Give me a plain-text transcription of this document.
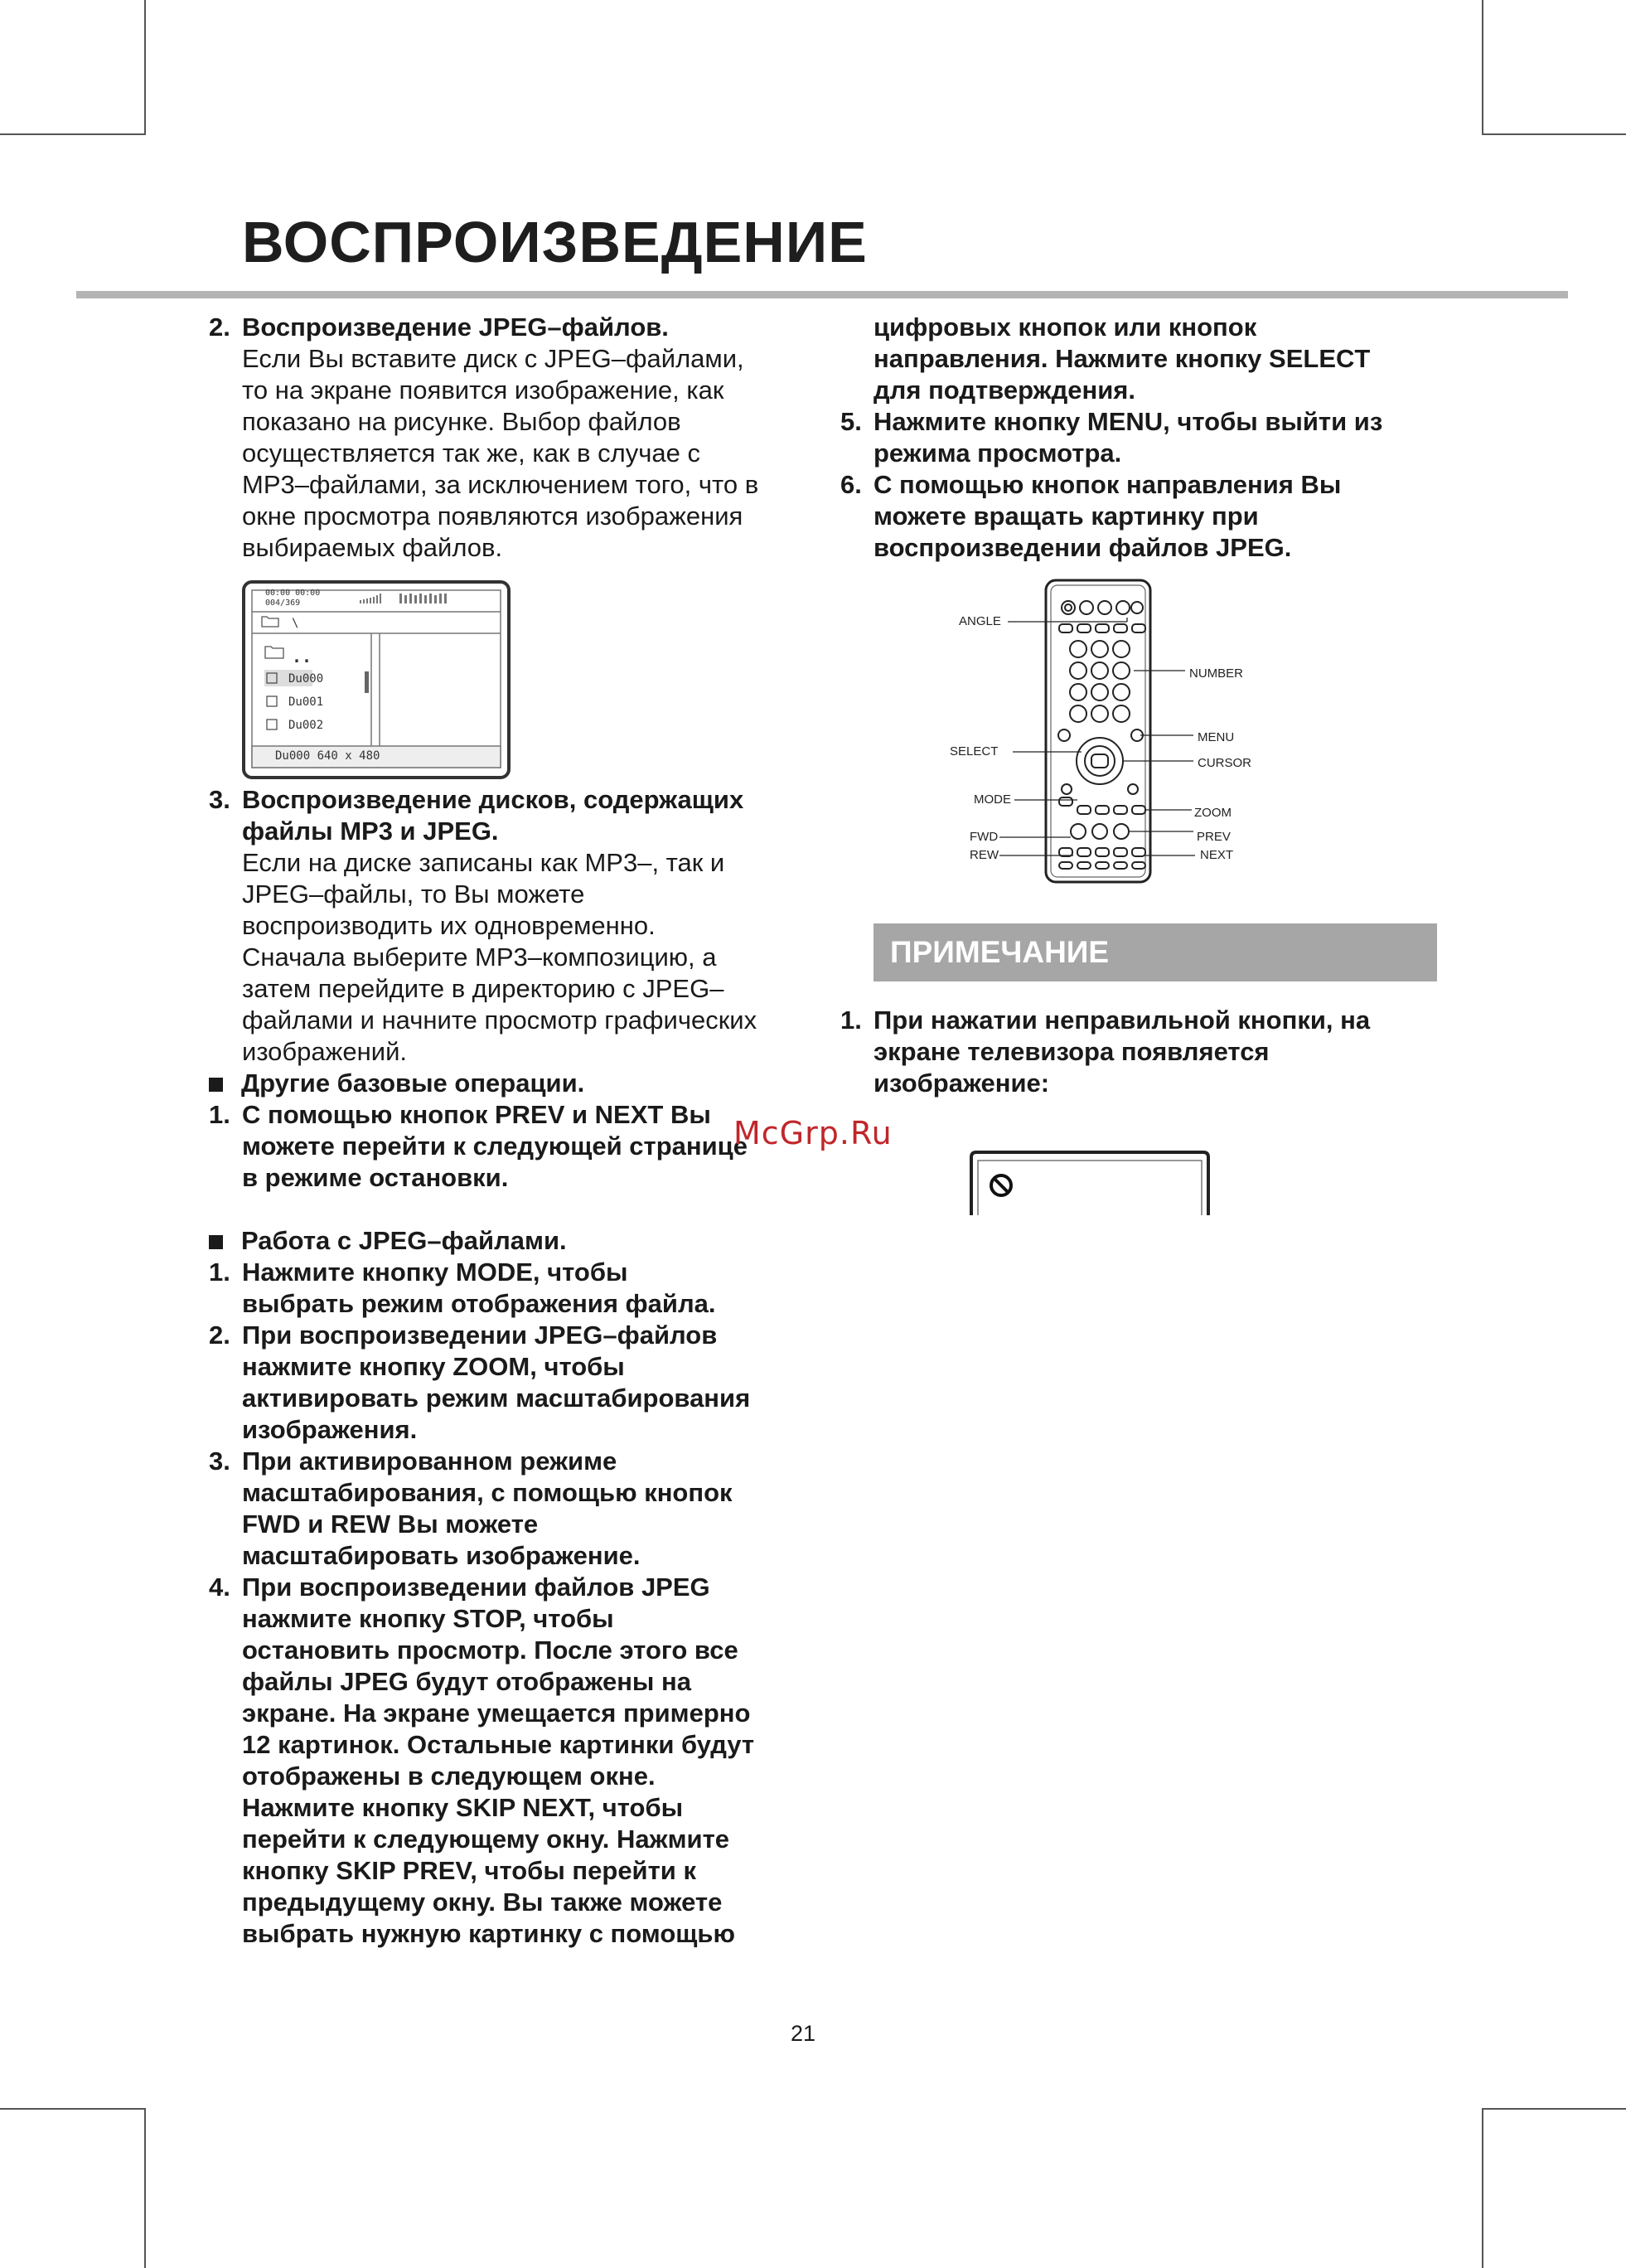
ВОСПРОИЗВЕДЕНИЕ
2. Воспроизведение JPEG–файлов.

Если Вы вставите диск с JPEG–файлами,

то на экране появится изображение, как

показано на рисунке. Выбор файлов

осуществляется так же, как в случае с

MP3–файлами, за исключением того, что в

окне просмотра появляются изображения

выбираемых файлов.

00:00 00:00
004/369
\
..
Du000
Du001
Du002
Du000 640 x 480
3. Воспроизведение дисков, содержащих

файлы MP3 и JPEG.

Если на диске записаны как MP3–, так и

JPEG–файлы, то Вы можете

воспроизводить их одновременно.

Сначала выберите MP3–композицию, а

затем перейдите в директорию с JPEG–

файлами и начните просмотр графических

изображений.

Другие базовые операции.
1. С помощью кнопок PREV и NEXT Вы

можете перейти к следующей странице

в режиме остановки.

Работа с JPEG–файлами.
1. Нажмите кнопку MODE, чтобы

выбрать режим отображения файла.

2. При воспроизведении JPEG–файлов

нажмите кнопку ZOOM, чтобы

активировать режим масштабирования

изображения.

3. При активированном режиме

масштабирования, с помощью кнопок

FWD и REW Вы можете

масштабировать изображение.

4. При воспроизведении файлов JPEG

нажмите кнопку STOP, чтобы

остановить просмотр. После этого все

файлы JPEG будут отображены на

экране. На экране умещается примерно

12 картинок. Остальные картинки будут

отображены в следующем окне.

Нажмите кнопку SKIP NEXT, чтобы

перейти к следующему окну. Нажмите

кнопку SKIP PREV, чтобы перейти к

предыдущему окну. Вы также можете

выбрать нужную картинку с помощью

цифровых кнопок или кнопок

направления. Нажмите кнопку SELECT

для подтверждения.

5. Нажмите кнопку MENU, чтобы выйти из

режима просмотра.

6. С помощью кнопок направления Вы

можете вращать картинку при

воспроизведении файлов JPEG.

ANGLE
SELECT
MODE
FWD
REW
NUMBER
MENU
CURSOR
ZOOM
PREV
NEXT
ПРИМЕЧАНИЕ
1. При нажатии неправильной кнопки, на

экране телевизора появляется

изображение:

McGrp.Ru
21
